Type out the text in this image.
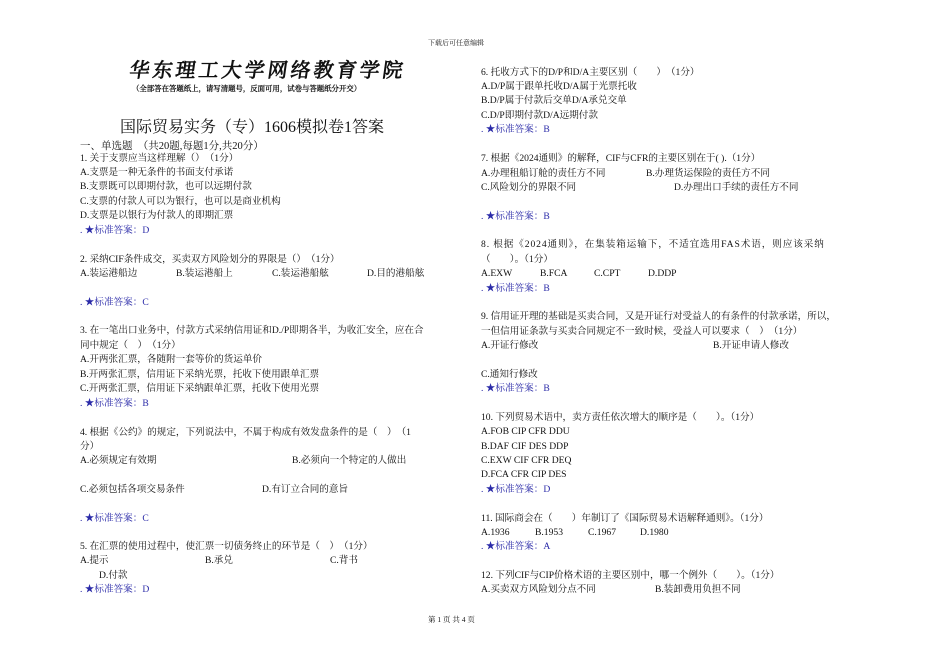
下载后可任意编辑
华东理工大学网络教育学院
（全部答在答题纸上，请写清题号，反面可用，试卷与答题纸分开交）
国际贸易实务（专）1606模拟卷1答案
一、单选题　（共20题,每题1分,共20分）
1. 关于支票应当这样理解（）　（1分）
A.支票是一种无条件的书面支付承诺
B.支票既可以即期付款，也可以远期付款
C.支票的付款人可以为银行，也可以是商业机构
D.支票是以银行为付款人的即期汇票
. ★标准答案：D
2. 采纳CIF条件成交，买卖双方风险划分的界限是（）　（1分）
A.装运港船边	B.装运港船上	C.装运港船舷	D.目的港船舷
. ★标准答案：C
3. 在一笔出口业务中，付款方式采纳信用证和D./P即期各半，为收汇安全，应在合
同中规定（　）　（1分）
A.开两张汇票，各随附一套等价的货运单价
B.开两张汇票，信用证下采纳光票，托收下使用跟单汇票
C.开两张汇票，信用证下采纳跟单汇票，托收下使用光票
. ★标准答案：B
4. 根据《公约》的规定，下列说法中，不属于构成有效发盘条件的是（　）　（1
分）
A.必须规定有效期	B.必须向一个特定的人做出
C.必须包括各项交易条件	D.有订立合同的意旨
. ★标准答案：C
5. 在汇票的使用过程中，使汇票一切债务终止的环节是（　）　（1分）
A.提示	B.承兑	C.背书
D.付款
. ★标准答案：D
6. 托收方式下的D/P和D/A主要区别（　　）　（1分）
A.D/P属于跟单托收D/A属于光票托收
B.D/P属于付款后交单D/A承兑交单
C.D/P即期付款D/A远期付款
. ★标准答案：B
7. 根据《2024通则》的解释，CIF与CFR的主要区别在于( ).（1分）
A.办理租船订舱的责任方不同	B.办理货运保险的责任方不同
C.风险划分的界限不同	D.办理出口手续的责任方不同
. ★标准答案：B
8. 根据《2024通则》，在集装箱运输下，不适宜选用FAS术语，则应该采纳
（　　）。（1分）
A.EXW	B.FCA	C.CPT	D.DDP
. ★标准答案：B
9. 信用证开理的基础是买卖合同，又是开证行对受益人的有条件的付款承诺，所以，
一但信用证条款与买卖合同规定不一致时候，受益人可以要求（　）　（1分）
A.开证行修改	B.开证申请人修改
C.通知行修改
. ★标准答案：B
10. 下列贸易术语中，卖方责任依次增大的顺序是（　　）。（1分）
A.FOB CIP CFR DDU
B.DAF CIF DES DDP
C.EXW CIF CFR DEQ
D.FCA CFR CIP DES
. ★标准答案：D
11. 国际商会在（　　）年制订了《国际贸易术语解释通则》。（1分）
A.1936	B.1953	C.1967	D.1980
. ★标准答案：A
12. 下列CIF与CIP价格术语的主要区别中，哪一个例外（　　）。（1分）
A.买卖双方风险划分点不同	B.装卸费用负担不同
第 1 页 共 4 页
